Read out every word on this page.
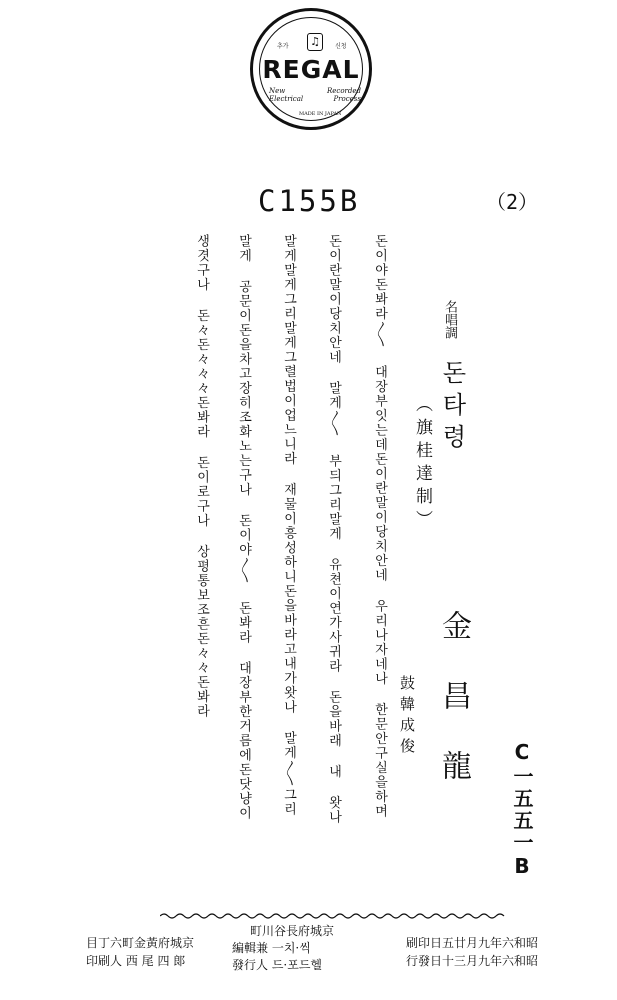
♫
추가	신청
REGAL
New Electrical
Recorded Process
MADE IN JAPAN
C155B	（2）
名唱調
돈타령
（旗桂達制）
金昌龍
鼓韓成俊
C一五五一B
돈이야돈봐라〳〵 대장부잇는데돈이란말이당치안네 우리나자네나 한문안구실을하며
돈이란말이당치안네 말게〳〵 부듸그리말게 유쳔이연가사귀라 돈을바래 내 왓나
말게말게그리말게그렬법이업느니라 재물이흥성하니돈을바라고내가왓나 말게〳〵그리
말게 공문이돈을차고장히조화노는구나 돈이야〳〵 돈봐라 대장부한거름에돈닷냥이
생겻구나 돈々돈々々々돈봐라 돈이로구나 상평통보조흔돈々々돈봐라
昭和六年九月廿五日印刷
昭和六年九月三十日發行
京城府長谷川町
編輯兼 一치·씩
發行人 드·포드헬
京城府黃金町六丁目
印刷人 西 尾 四 郞
